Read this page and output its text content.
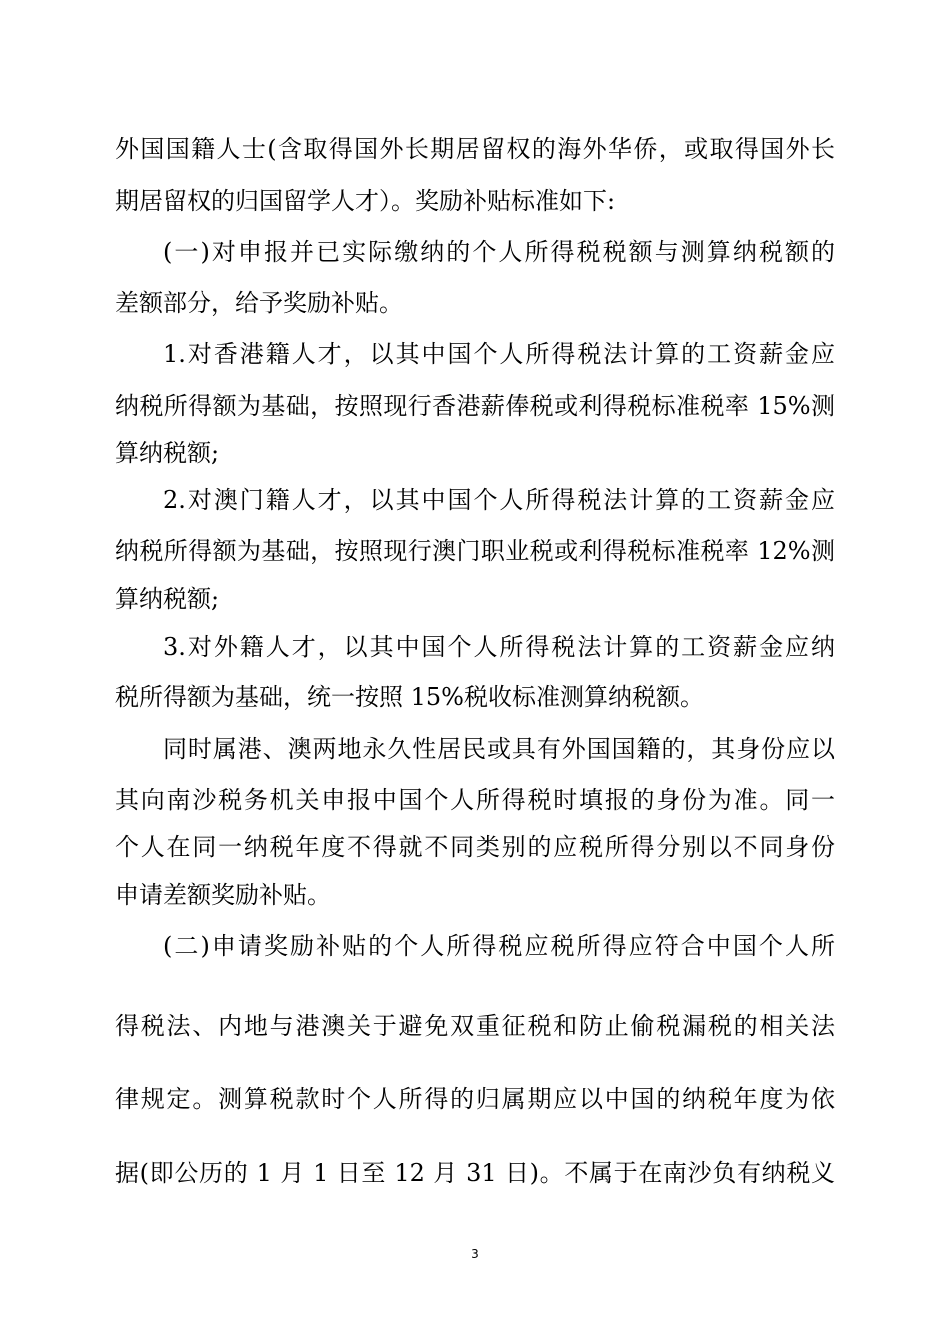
外国国籍人士(含取得国外长期居留权的海外华侨，或取得国外长
期居留权的归国留学人才）。奖励补贴标准如下:
(一)对申报并已实际缴纳的个人所得税税额与测算纳税额的
差额部分，给予奖励补贴。
1.对香港籍人才，以其中国个人所得税法计算的工资薪金应
纳税所得额为基础，按照现行香港薪俸税或利得税标准税率 15%测
算纳税额;
2.对澳门籍人才，以其中国个人所得税法计算的工资薪金应
纳税所得额为基础，按照现行澳门职业税或利得税标准税率 12%测
算纳税额;
3.对外籍人才，以其中国个人所得税法计算的工资薪金应纳
税所得额为基础，统一按照 15%税收标准测算纳税额。
同时属港、澳两地永久性居民或具有外国国籍的，其身份应以
其向南沙税务机关申报中国个人所得税时填报的身份为准。同一
个人在同一纳税年度不得就不同类别的应税所得分别以不同身份
申请差额奖励补贴。
(二)申请奖励补贴的个人所得税应税所得应符合中国个人所
得税法、内地与港澳关于避免双重征税和防止偷税漏税的相关法
律规定。测算税款时个人所得的归属期应以中国的纳税年度为依
据(即公历的 1 月 1 日至 12 月 31 日)。不属于在南沙负有纳税义
3
